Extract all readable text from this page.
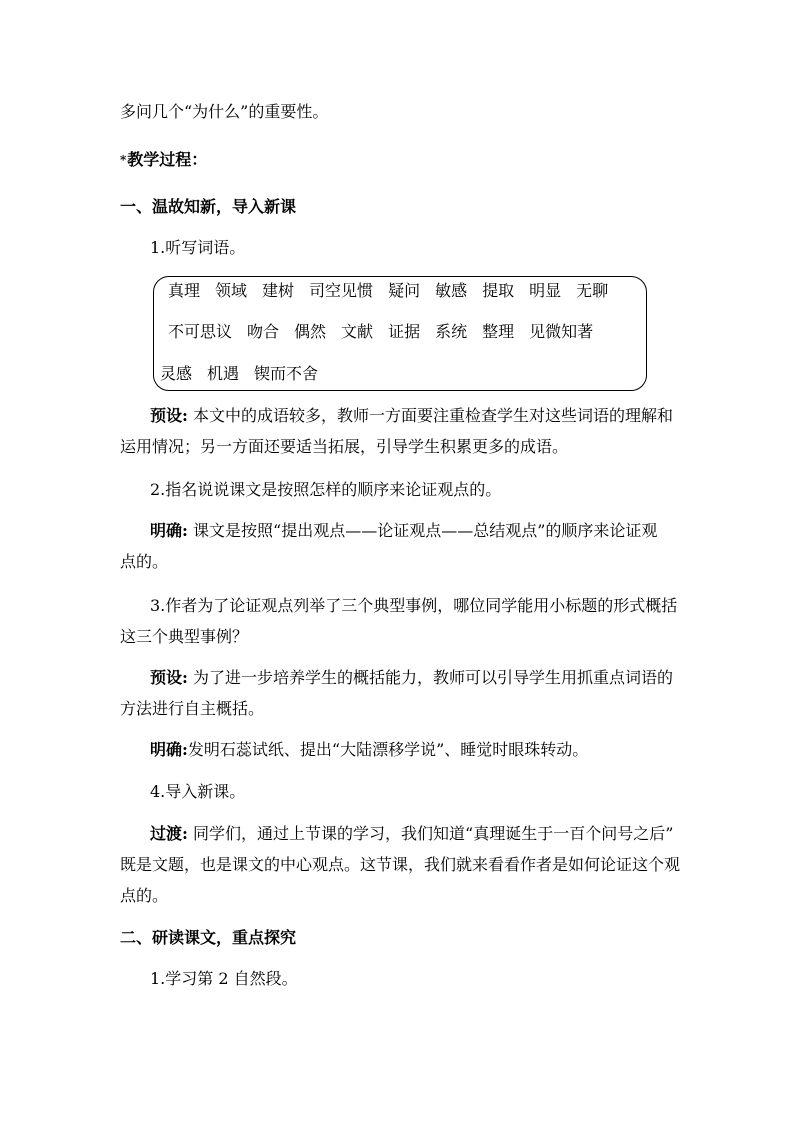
多问几个“为什么”的重要性。
*教学过程：
一、温故知新，导入新课
1.听写词语。
真理 领域 建树 司空见惯 疑问 敏感 提取 明显 无聊
不可思议 吻合 偶然 文献 证据 系统 整理 见微知著
灵感 机遇 锲而不舍
预设: 本文中的成语较多，教师一方面要注重检查学生对这些词语的理解和
运用情况；另一方面还要适当拓展，引导学生积累更多的成语。
2.指名说说课文是按照怎样的顺序来论证观点的。
明确: 课文是按照“提出观点——论证观点——总结观点”的顺序来论证观
点的。
3.作者为了论证观点列举了三个典型事例，哪位同学能用小标题的形式概括
这三个典型事例？
预设: 为了进一步培养学生的概括能力，教师可以引导学生用抓重点词语的
方法进行自主概括。
明确:发明石蕊试纸、提出“大陆漂移学说”、睡觉时眼珠转动。
4.导入新课。
过渡: 同学们，通过上节课的学习，我们知道“真理诞生于一百个问号之后”
既是文题，也是课文的中心观点。这节课，我们就来看看作者是如何论证这个观
点的。
二、研读课文，重点探究
1.学习第 2 自然段。
